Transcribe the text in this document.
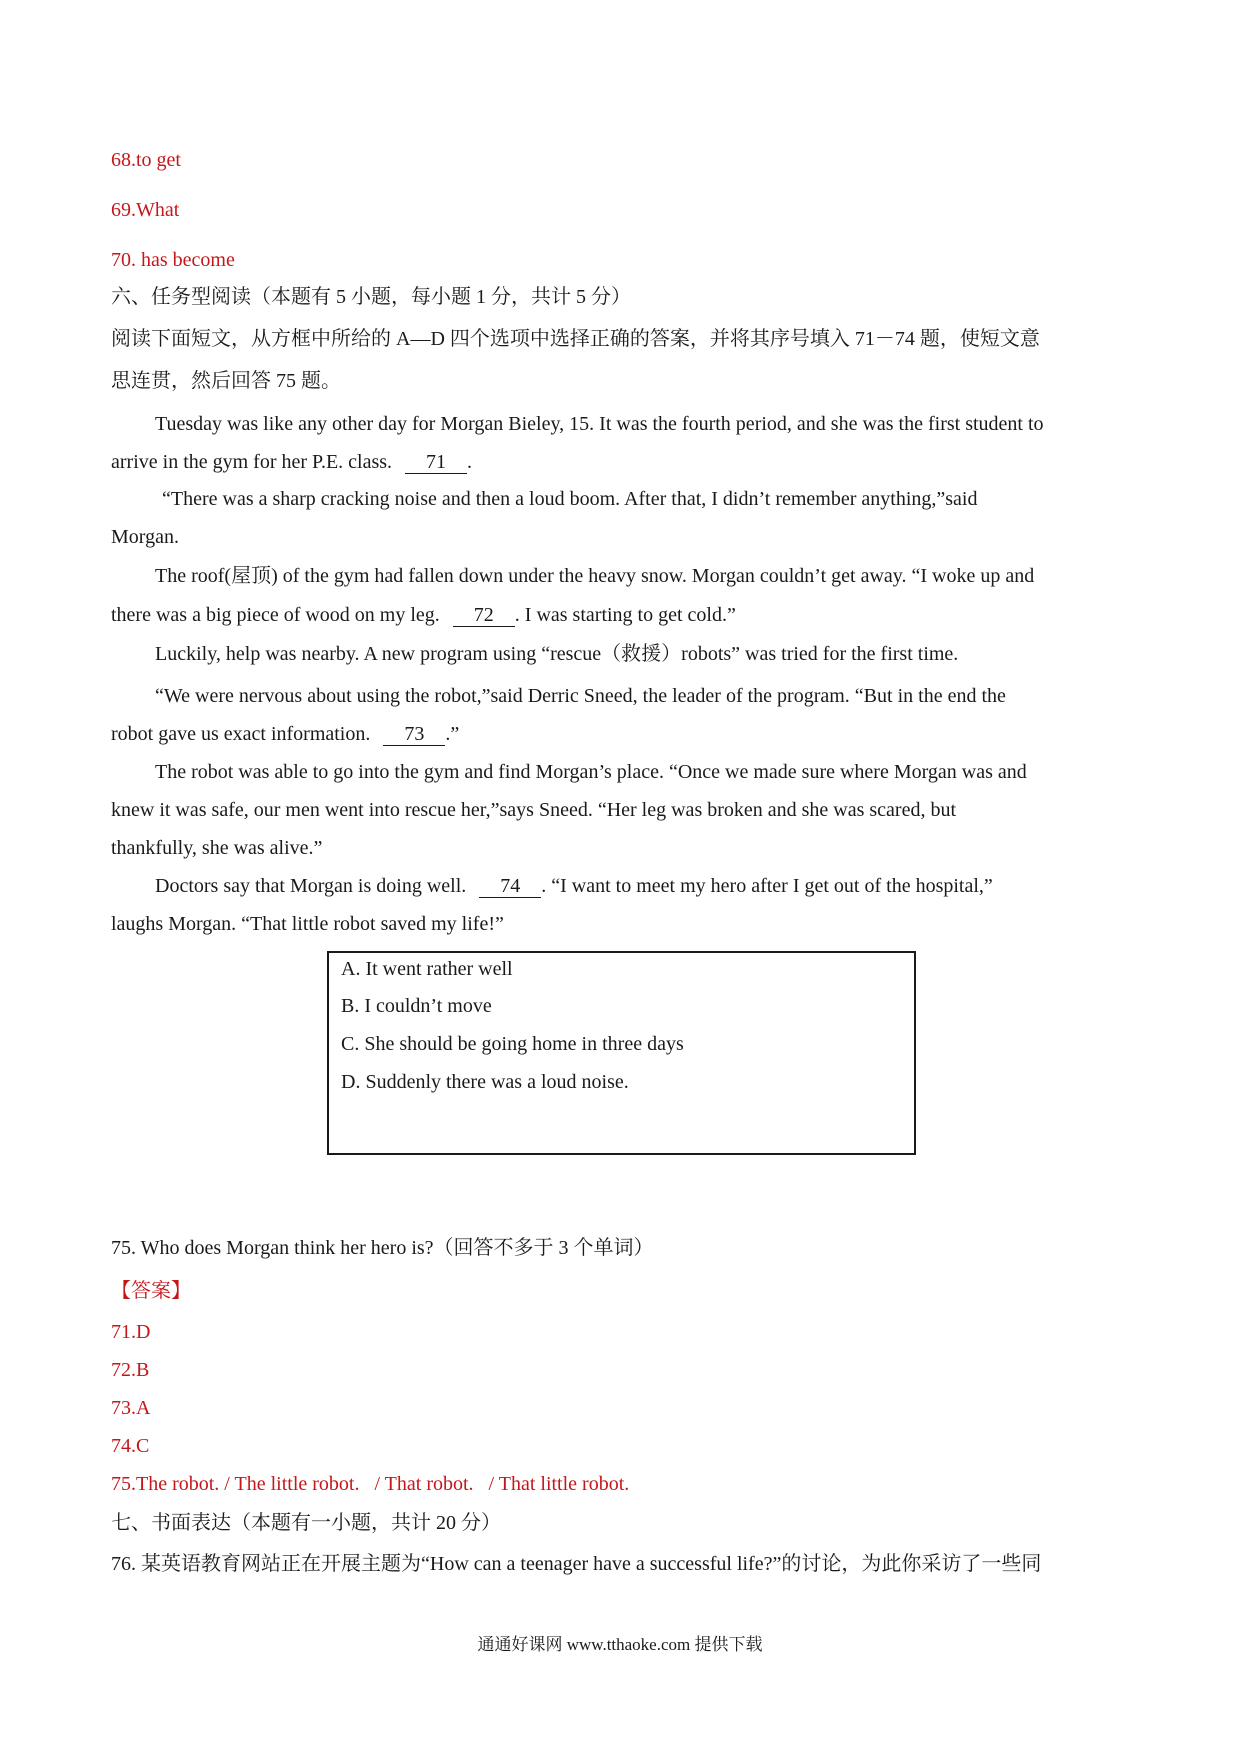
68.to get
69.What
70. has become
六、任务型阅读（本题有 5 小题，每小题 1 分，共计 5 分）
阅读下面短文，从方框中所给的 A—D 四个选项中选择正确的答案，并将其序号填入 71－74 题，使短文意
思连贯，然后回答 75 题。
Tuesday was like any other day for Morgan Bieley, 15. It was the fourth period, and she was the first student to
arrive in the gym for her P.E. class. 71 .
“There was a sharp cracking noise and then a loud boom. After that, I didn’t remember anything,”said
Morgan.
The roof(屋顶) of the gym had fallen down under the heavy snow. Morgan couldn’t get away. “I woke up and
there was a big piece of wood on my leg. 72 . I was starting to get cold.”
Luckily, help was nearby. A new program using “rescue（救援）robots” was tried for the first time.
“We were nervous about using the robot,”said Derric Sneed, the leader of the program. “But in the end the
robot gave us exact information. 73 .”
The robot was able to go into the gym and find Morgan’s place. “Once we made sure where Morgan was and
knew it was safe, our men went into rescue her,”says Sneed. “Her leg was broken and she was scared, but
thankfully, she was alive.”
Doctors say that Morgan is doing well. 74 . “I want to meet my hero after I get out of the hospital,”
laughs Morgan. “That little robot saved my life!”
A. It went rather well
B. I couldn’t move
C. She should be going home in three days
D. Suddenly there was a loud noise.
75. Who does Morgan think her hero is?（回答不多于 3 个单词）
【答案】
71.D
72.B
73.A
74.C
75.The robot. / The little robot.   / That robot.   / That little robot.
七、书面表达（本题有一小题，共计 20 分）
76. 某英语教育网站正在开展主题为“How can a teenager have a successful life?”的讨论，为此你采访了一些同
通通好课网 www.tthaoke.com 提供下载
